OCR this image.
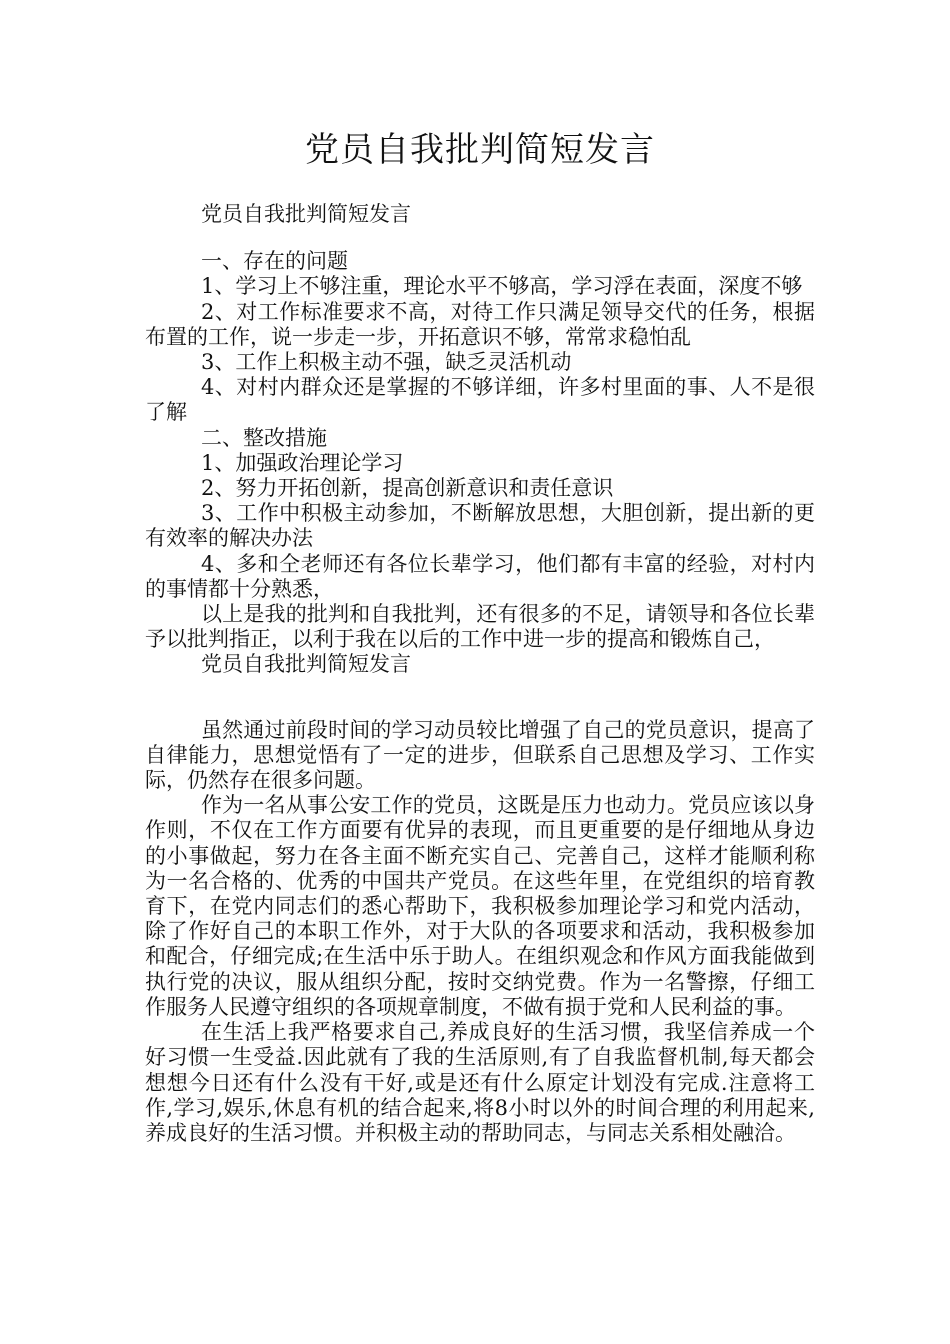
党员自我批判简短发言

党员自我批判简短发言

一、存在的问题

1、学习上不够注重，理论水平不够高，学习浮在表面，深度不够

2、对工作标准要求不高，对待工作只满足领导交代的任务，根据布置的工作，说一步走一步，开拓意识不够，常常求稳怕乱

3、工作上积极主动不强，缺乏灵活机动

4、对村内群众还是掌握的不够详细，许多村里面的事、人不是很了解

二、整改措施

1、加强政治理论学习

2、努力开拓创新，提高创新意识和责任意识

3、工作中积极主动参加，不断解放思想，大胆创新，提出新的更有效率的解决办法

4、多和仝老师还有各位长辈学习，他们都有丰富的经验，对村内的事情都十分熟悉，

以上是我的批判和自我批判，还有很多的不足，请领导和各位长辈予以批判指正，以利于我在以后的工作中进一步的提高和锻炼自己，

党员自我批判简短发言

虽然通过前段时间的学习动员较比增强了自己的党员意识，提高了自律能力，思想觉悟有了一定的进步，但联系自己思想及学习、工作实际，仍然存在很多问题。

作为一名从事公安工作的党员，这既是压力也动力。党员应该以身作则，不仅在工作方面要有优异的表现，而且更重要的是仔细地从身边的小事做起，努力在各主面不断充实自己、完善自己，这样才能顺利称为一名合格的、优秀的中国共产党员。在这些年里，在党组织的培育教育下，在党内同志们的悉心帮助下，我积极参加理论学习和党内活动，除了作好自己的本职工作外，对于大队的各项要求和活动，我积极参加和配合，仔细完成;在生活中乐于助人。在组织观念和作风方面我能做到执行党的决议，服从组织分配，按时交纳党费。作为一名警擦，仔细工作服务人民遵守组织的各项规章制度，不做有损于党和人民利益的事。

在生活上我严格要求自己,养成良好的生活习惯，我坚信养成一个好习惯一生受益.因此就有了我的生活原则,有了自我监督机制,每天都会想想今日还有什么没有干好,或是还有什么原定计划没有完成.注意将工作,学习,娱乐,休息有机的结合起来,将8小时以外的时间合理的利用起来,养成良好的生活习惯。并积极主动的帮助同志，与同志关系相处融洽。
